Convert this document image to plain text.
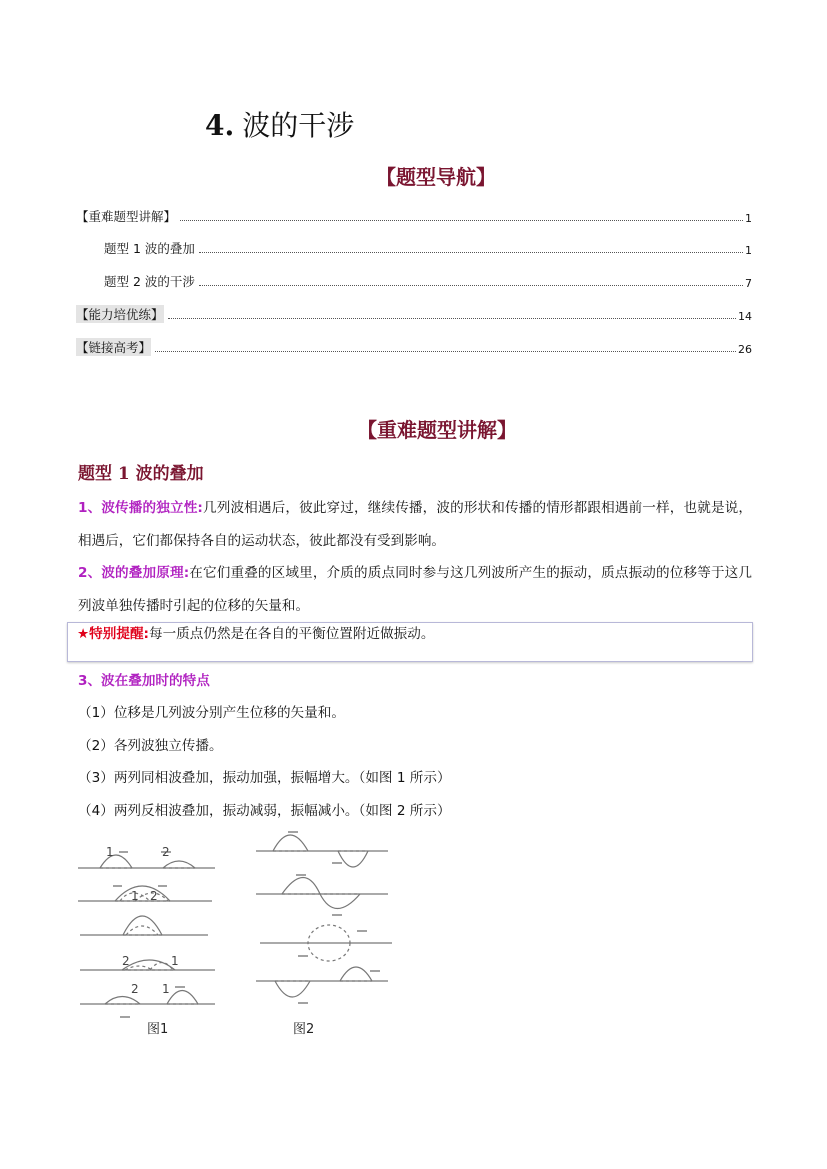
4. 波的干涉
【题型导航】
【重难题型讲解】	1
题型 1 波的叠加	1
题型 2 波的干涉	7
【能力培优练】	14
【链接高考】	26
【重难题型讲解】
题型 1 波的叠加
1、波传播的独立性:几列波相遇后，彼此穿过，继续传播，波的形状和传播的情形都跟相遇前一样，也就是说，相遇后，它们都保持各自的运动状态，彼此都没有受到影响。
2、波的叠加原理:在它们重叠的区域里，介质的质点同时参与这几列波所产生的振动，质点振动的位移等于这几列波单独传播时引起的位移的矢量和。
★特别提醒:每一质点仍然是在各自的平衡位置附近做振动。
3、波在叠加时的特点
（1）位移是几列波分别产生位移的矢量和。
（2）各列波独立传播。
（3）两列同相波叠加，振动加强，振幅增大。（如图 1 所示）
（4）两列反相波叠加，振动减弱，振幅减小。（如图 2 所示）
1	2
1 2
2	1
2 1
图1	图2
